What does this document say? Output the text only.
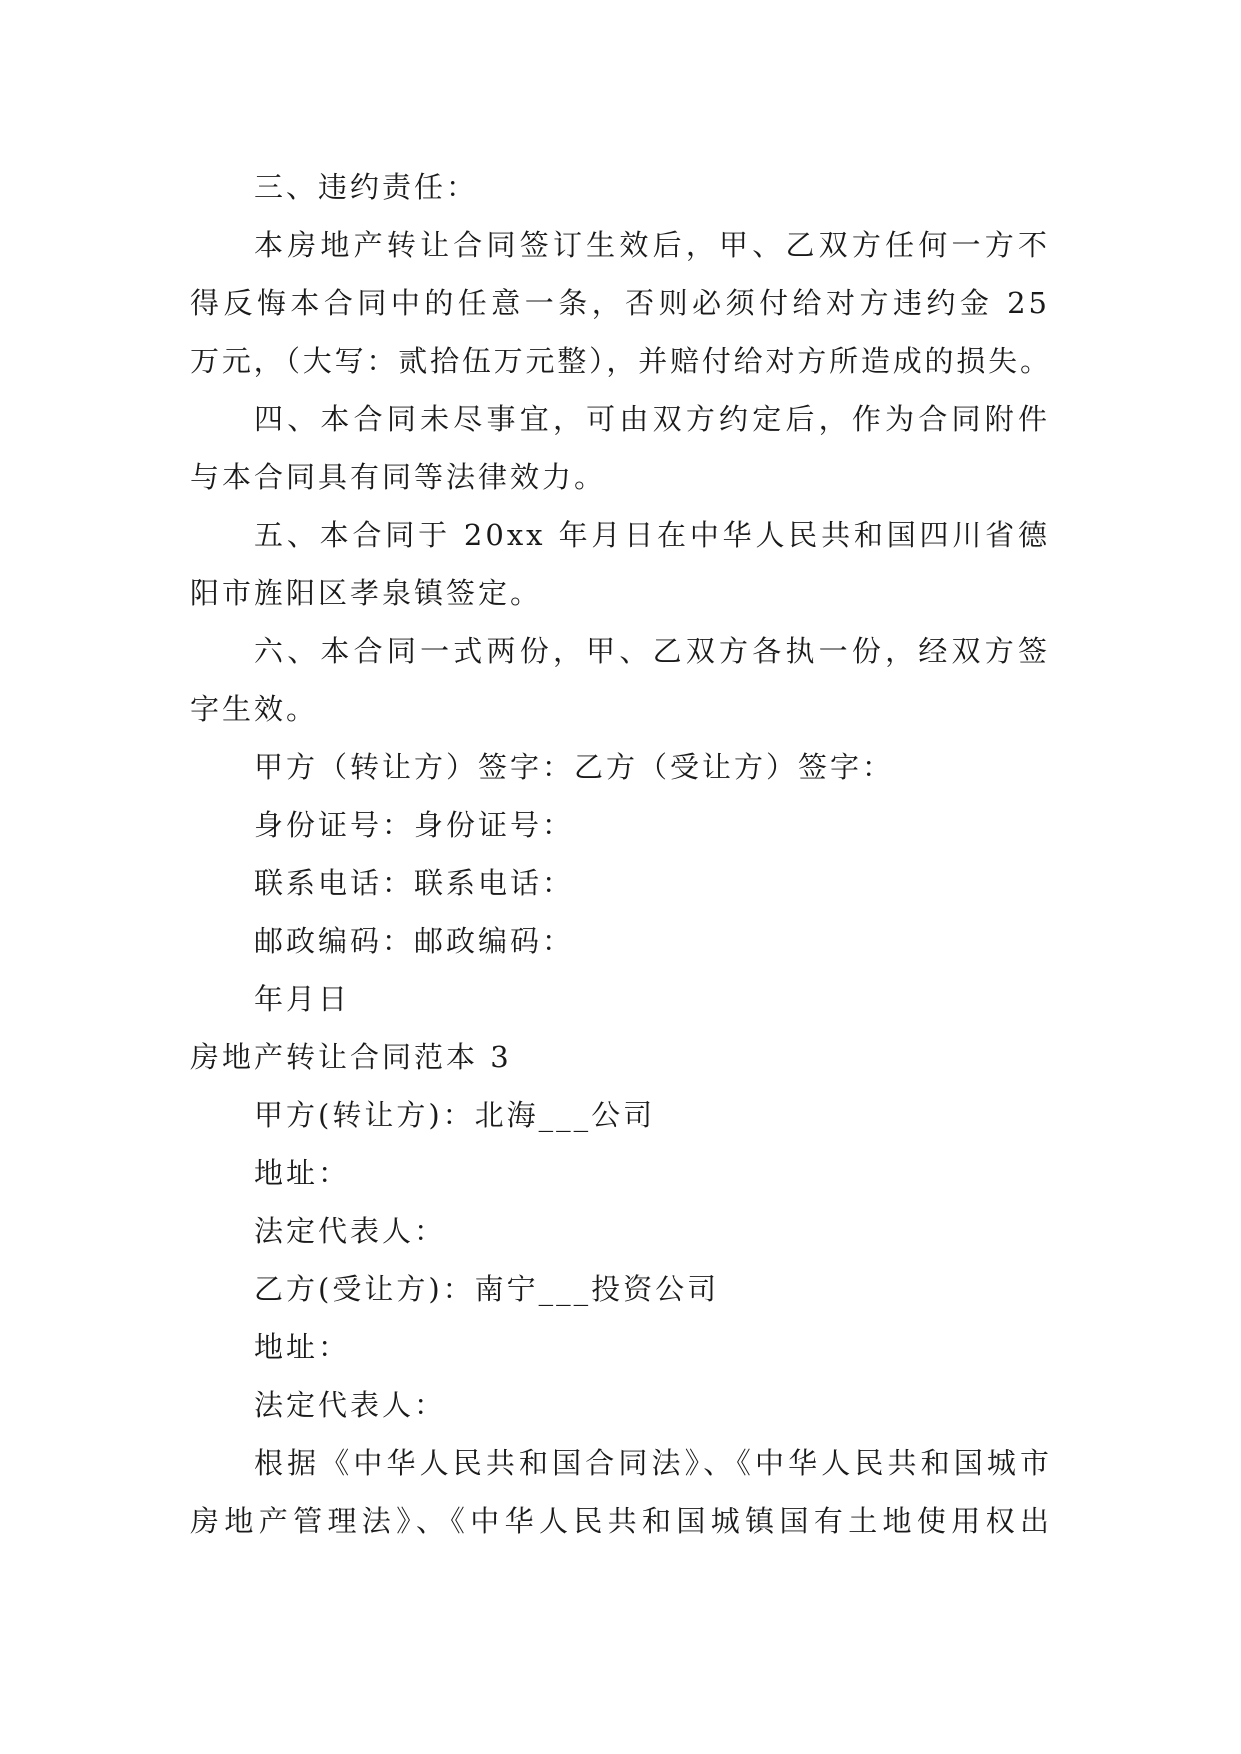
三、违约责任：
本房地产转让合同签订生效后，甲、乙双方任何一方不
得反悔本合同中的任意一条，否则必须付给对方违约金 25
万元，（大写：贰拾伍万元整），并赔付给对方所造成的损失。
四、本合同未尽事宜，可由双方约定后，作为合同附件
与本合同具有同等法律效力。
五、本合同于 20xx 年月日在中华人民共和国四川省德
阳市旌阳区孝泉镇签定。
六、本合同一式两份，甲、乙双方各执一份，经双方签
字生效。
甲方（转让方）签字：乙方（受让方）签字：
身份证号：身份证号：
联系电话：联系电话：
邮政编码：邮政编码：
年月日
房地产转让合同范本 3
甲方(转让方)：北海___公司
地址：
法定代表人：
乙方(受让方)：南宁___投资公司
地址：
法定代表人：
根据《中华人民共和国合同法》、《中华人民共和国城市
房地产管理法》、《中华人民共和国城镇国有土地使用权出
